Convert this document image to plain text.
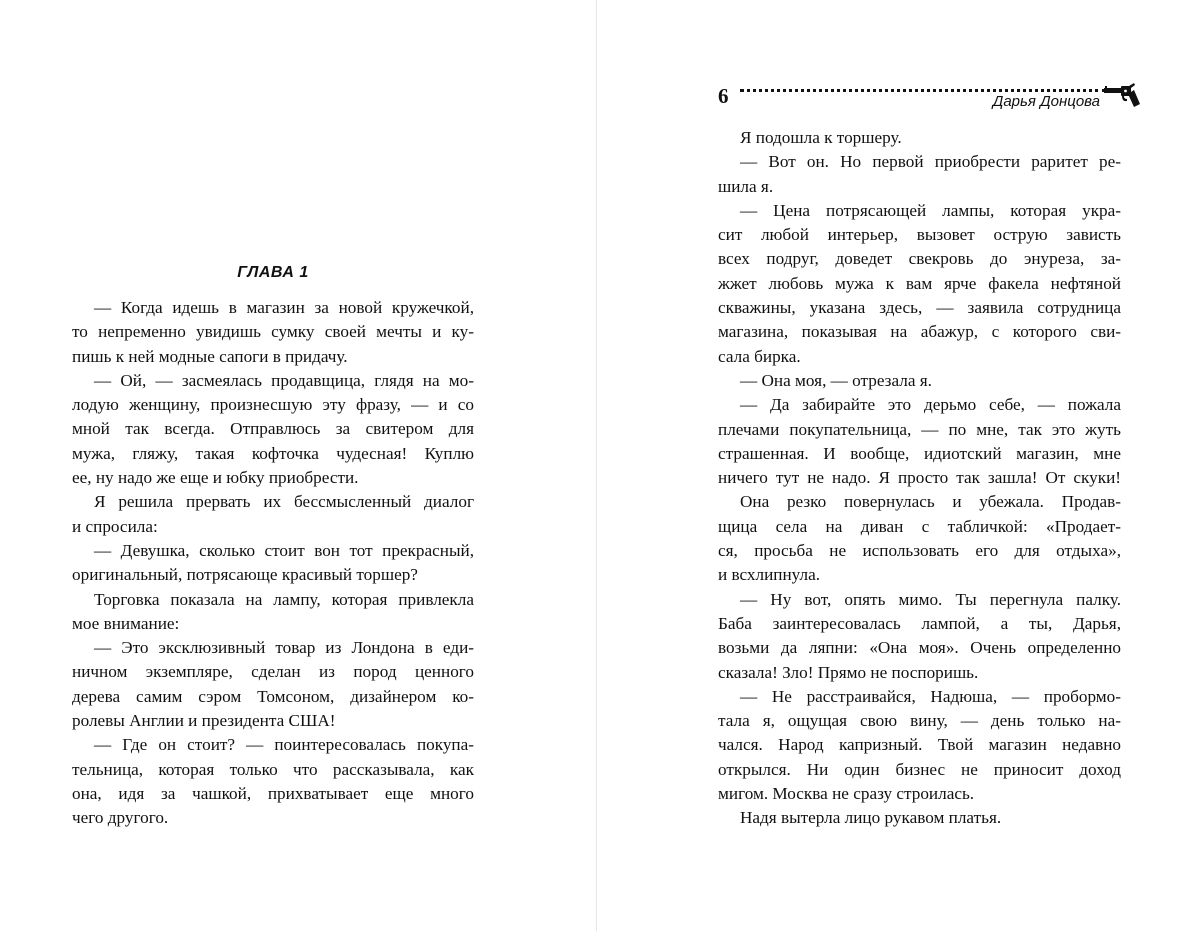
ГЛАВА 1
— Когда идешь в магазин за новой кружечкой,
то непременно увидишь сумку своей мечты и ку-
пишь к ней модные сапоги в придачу.
— Ой, — засмеялась продавщица, глядя на мо-
лодую женщину, произнесшую эту фразу, — и со
мной так всегда. Отправлюсь за свитером для
мужа, гляжу, такая кофточка чудесная! Куплю
ее, ну надо же еще и юбку приобрести.
Я решила прервать их бессмысленный диалог
и спросила:
— Девушка, сколько стоит вон тот прекрасный,
оригинальный, потрясающе красивый торшер?
Торговка показала на лампу, которая привлекла
мое внимание:
— Это эксклюзивный товар из Лондона в еди-
ничном экземпляре, сделан из пород ценного
дерева самим сэром Томсоном, дизайнером ко-
ролевы Англии и президента США!
— Где он стоит? — поинтересовалась покупа-
тельница, которая только что рассказывала, как
она, идя за чашкой, прихватывает еще много
чего другого.
6	Дарья Донцова
Я подошла к торшеру.
— Вот он. Но первой приобрести раритет ре-
шила я.
— Цена потрясающей лампы, которая укра-
сит любой интерьер, вызовет острую зависть
всех подруг, доведет свекровь до энуреза, за-
жжет любовь мужа к вам ярче факела нефтяной
скважины, указана здесь, — заявила сотрудница
магазина, показывая на абажур, с которого сви-
сала бирка.
— Она моя, — отрезала я.
— Да забирайте это дерьмо себе, — пожала
плечами покупательница, — по мне, так это жуть
страшенная. И вообще, идиотский магазин, мне
ничего тут не надо. Я просто так зашла! От скуки!
Она резко повернулась и убежала. Продав-
щица села на диван с табличкой: «Продает-
ся, просьба не использовать его для отдыха»,
и всхлипнула.
— Ну вот, опять мимо. Ты перегнула палку.
Баба заинтересовалась лампой, а ты, Дарья,
возьми да ляпни: «Она моя». Очень определенно
сказала! Зло! Прямо не поспоришь.
— Не расстраивайся, Надюша, — пробормо-
тала я, ощущая свою вину, — день только на-
чался. Народ капризный. Твой магазин недавно
открылся. Ни один бизнес не приносит доход
мигом. Москва не сразу строилась.
Надя вытерла лицо рукавом платья.
